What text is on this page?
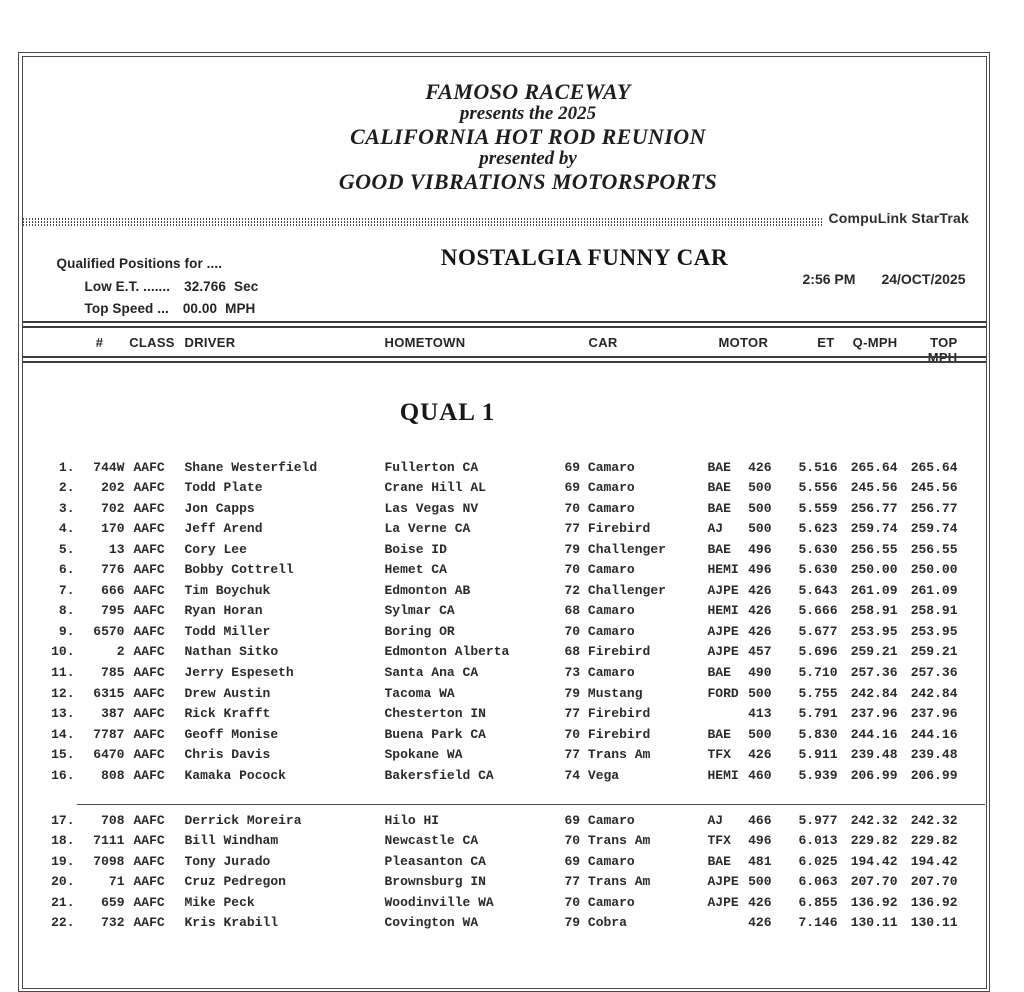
FAMOSO RACEWAY
presents the 2025
CALIFORNIA HOT ROD REUNION
presented by
GOOD VIBRATIONS MOTORSPORTS
CompuLink StarTrak
Qualified Positions for ....
Low E.T. ....... 32.766 Sec
Top Speed ... 00.00 MPH
NOSTALGIA FUNNY CAR
2:56 PM 24/OCT/2025
#	CLASS DRIVER	HOMETOWN	CAR	MOTOR	ET	Q-MPH	TOP MPH
QUAL 1
1.	744W AAFC	Shane Westerfield	Fullerton CA	69 Camaro	BAE	426	5.516	265.64	265.64
2.	202 AAFC	Todd Plate	Crane Hill AL	69 Camaro	BAE	500	5.556	245.56	245.56
3.	702 AAFC	Jon Capps	Las Vegas NV	70 Camaro	BAE	500	5.559	256.77	256.77
4.	170 AAFC	Jeff Arend	La Verne CA	77 Firebird	AJ	500	5.623	259.74	259.74
5.	13 AAFC	Cory Lee	Boise ID	79 Challenger	BAE	496	5.630	256.55	256.55
6.	776 AAFC	Bobby Cottrell	Hemet CA	70 Camaro	HEMI 496	5.630	250.00	250.00
7.	666 AAFC	Tim Boychuk	Edmonton AB	72 Challenger	AJPE 426	5.643	261.09	261.09
8.	795 AAFC	Ryan Horan	Sylmar CA	68 Camaro	HEMI 426	5.666	258.91	258.91
9.	6570 AAFC	Todd Miller	Boring OR	70 Camaro	AJPE 426	5.677	253.95	253.95
10.	2 AAFC	Nathan Sitko	Edmonton Alberta	68 Firebird	AJPE 457	5.696	259.21	259.21
11.	785 AAFC	Jerry Espeseth	Santa Ana CA	73 Camaro	BAE	490	5.710	257.36	257.36
12.	6315 AAFC	Drew Austin	Tacoma WA	79 Mustang	FORD 500	5.755	242.84	242.84
13.	387 AAFC	Rick Krafft	Chesterton IN	77 Firebird	413	5.791	237.96	237.96
14.	7787 AAFC	Geoff Monise	Buena Park CA	70 Firebird	BAE	500	5.830	244.16	244.16
15.	6470 AAFC	Chris Davis	Spokane WA	77 Trans Am	TFX	426	5.911	239.48	239.48
16.	808 AAFC	Kamaka Pocock	Bakersfield CA	74 Vega	HEMI 460	5.939	206.99	206.99
17.	708 AAFC	Derrick Moreira	Hilo HI	69 Camaro	AJ	466	5.977	242.32	242.32
18.	7111 AAFC	Bill Windham	Newcastle CA	70 Trans Am	TFX	496	6.013	229.82	229.82
19.	7098 AAFC	Tony Jurado	Pleasanton CA	69 Camaro	BAE	481	6.025	194.42	194.42
20.	71 AAFC	Cruz Pedregon	Brownsburg IN	77 Trans Am	AJPE 500	6.063	207.70	207.70
21.	659 AAFC	Mike Peck	Woodinville WA	70 Camaro	AJPE 426	6.855	136.92	136.92
22.	732 AAFC	Kris Krabill	Covington WA	79 Cobra	426	7.146	130.11	130.11
